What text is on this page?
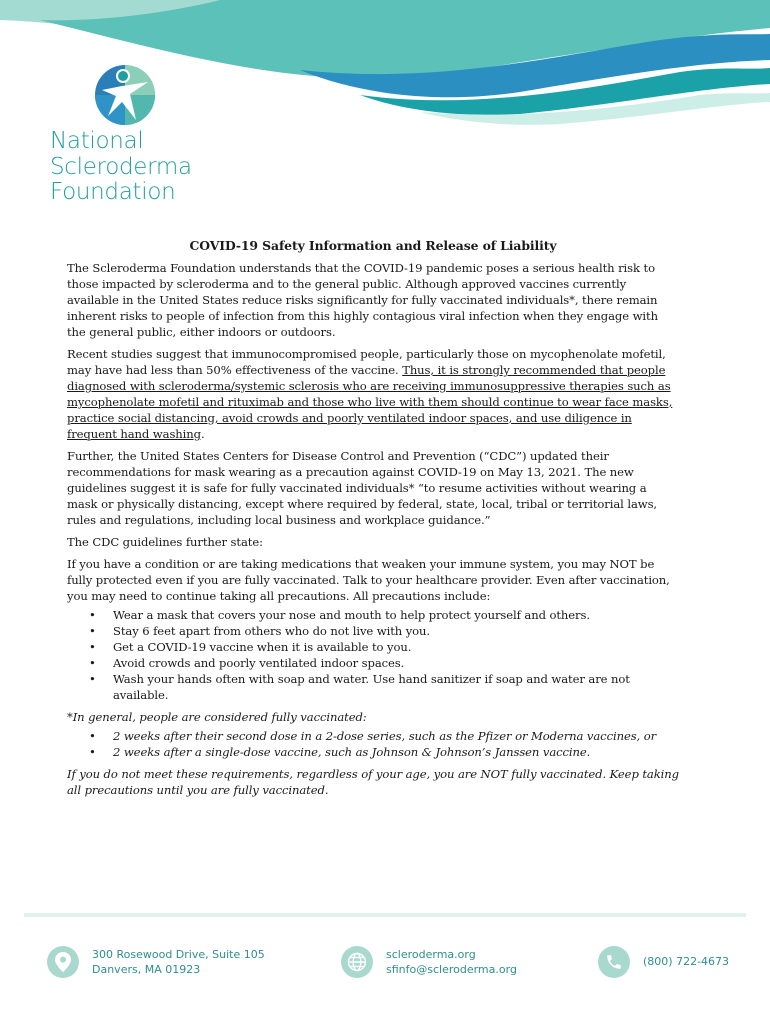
National
Scleroderma
Foundation
COVID-19 Safety Information and Release of Liability

The Scleroderma Foundation understands that the COVID-19 pandemic poses a serious health risk to those impacted by scleroderma and to the general public. Although approved vaccines currently available in the United States reduce risks significantly for fully vaccinated individuals*, there remain inherent risks to people of infection from this highly contagious viral infection when they engage with the general public, either indoors or outdoors.

Recent studies suggest that immunocompromised people, particularly those on mycophenolate mofetil, may have had less than 50% effectiveness of the vaccine. Thus, it is strongly recommended that people diagnosed with scleroderma/systemic sclerosis who are receiving immunosuppressive therapies such as mycophenolate mofetil and rituximab and those who live with them should continue to wear face masks, practice social distancing, avoid crowds and poorly ventilated indoor spaces, and use diligence in frequent hand washing.

Further, the United States Centers for Disease Control and Prevention (“CDC”) updated their recommendations for mask wearing as a precaution against COVID-19 on May 13, 2021. The new guidelines suggest it is safe for fully vaccinated individuals* “to resume activities without wearing a mask or physically distancing, except where required by federal, state, local, tribal or territorial laws, rules and regulations, including local business and workplace guidance.”

The CDC guidelines further state:

If you have a condition or are taking medications that weaken your immune system, you may NOT be fully protected even if you are fully vaccinated. Talk to your healthcare provider. Even after vaccination, you may need to continue taking all precautions. All precautions include:

• Wear a mask that covers your nose and mouth to help protect yourself and others.
• Stay 6 feet apart from others who do not live with you.
• Get a COVID-19 vaccine when it is available to you.
• Avoid crowds and poorly ventilated indoor spaces.
• Wash your hands often with soap and water. Use hand sanitizer if soap and water are not available.

*In general, people are considered fully vaccinated:

• 2 weeks after their second dose in a 2-dose series, such as the Pfizer or Moderna vaccines, or
• 2 weeks after a single-dose vaccine, such as Johnson & Johnson’s Janssen vaccine.

If you do not meet these requirements, regardless of your age, you are NOT fully vaccinated. Keep taking all precautions until you are fully vaccinated.

300 Rosewood Drive, Suite 105
Danvers, MA 01923
scleroderma.org
sfinfo@scleroderma.org
(800) 722-4673
